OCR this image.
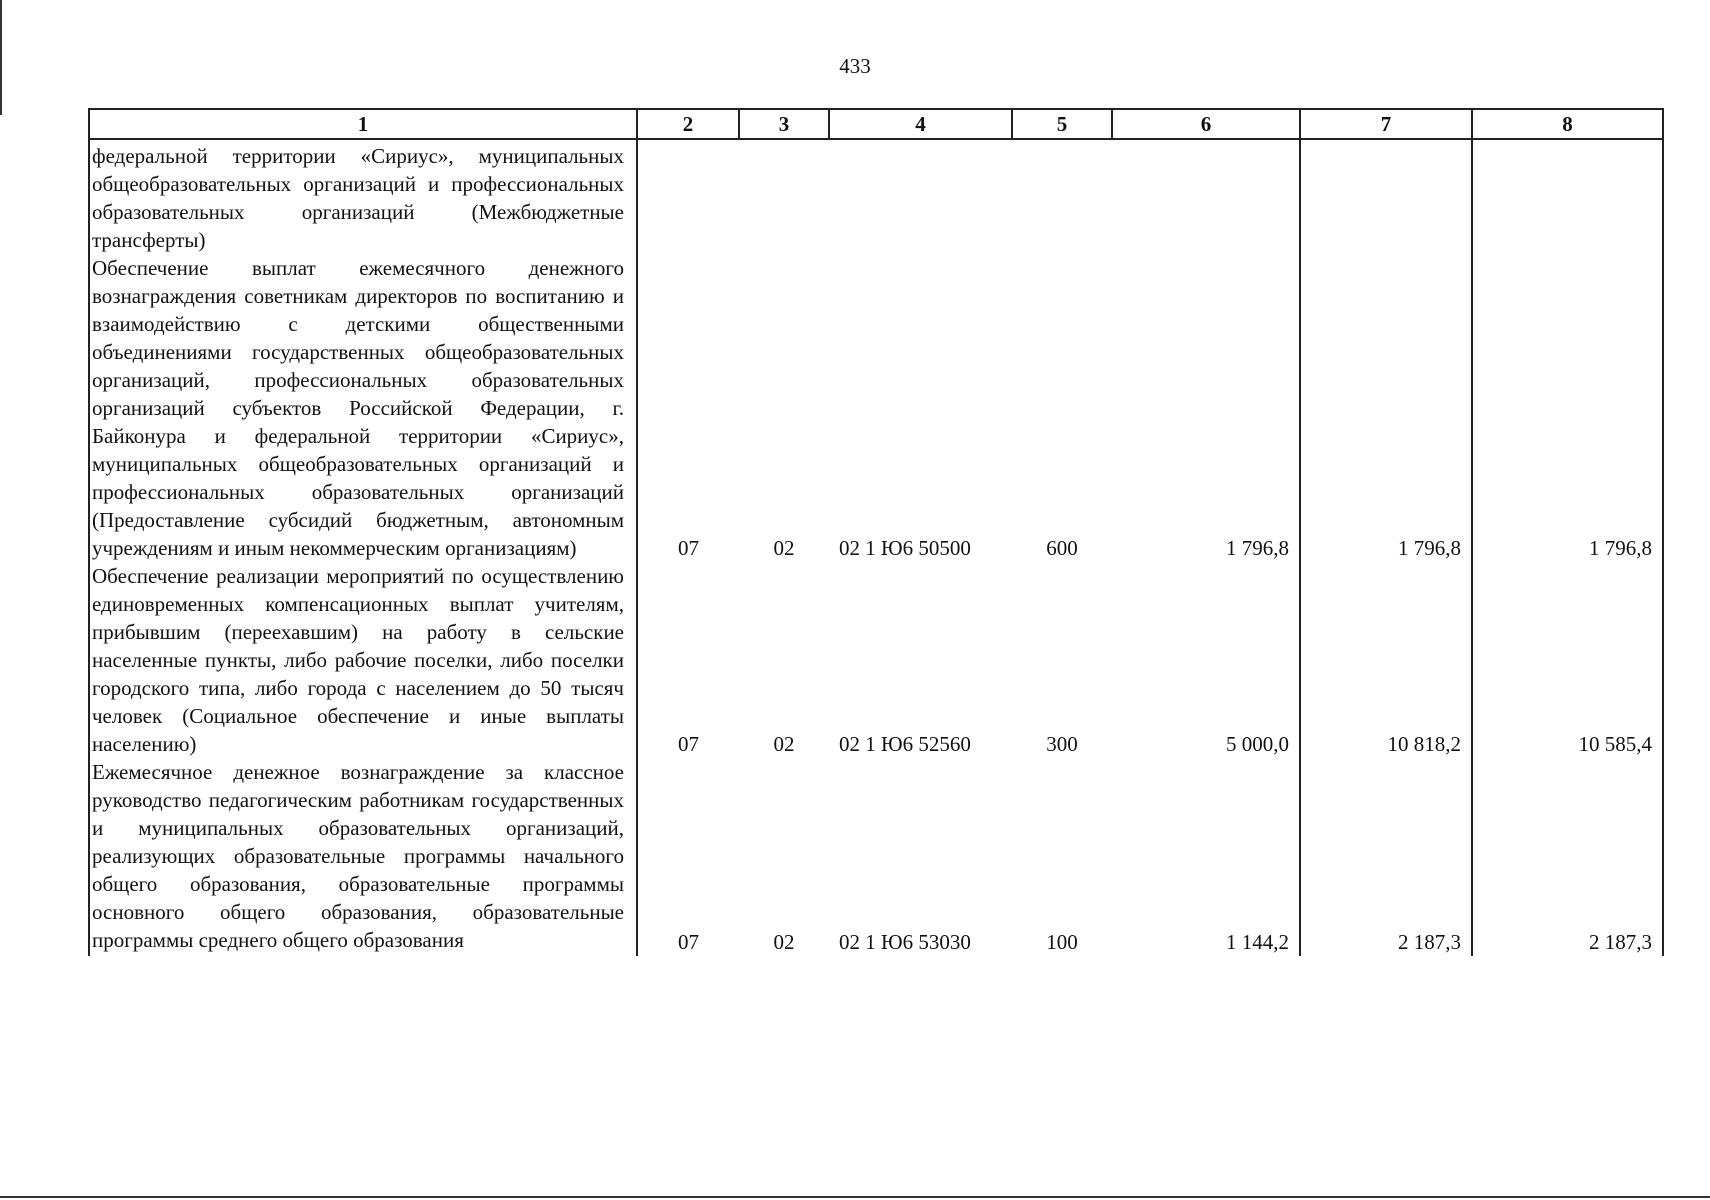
433
1	2	3	4	5	6	7	8
федеральной территории «Сириус», муниципальных общеобразовательных организаций и профессиональных образовательных организаций (Межбюджетные трансферты)							
Обеспечение выплат ежемесячного денежного вознаграждения советникам директоров по воспитанию и взаимодействию с детскими общественными объединениями государственных общеобразовательных организаций, профессиональных образовательных организаций субъектов Российской Федерации, г. Байконура и федеральной территории «Сириус», муниципальных общеобразовательных организаций и профессиональных образовательных организаций (Предоставление субсидий бюджетным, автономным учреждениям и иным некоммерческим организациям)	07	02	02 1 Ю6 50500	600	1 796,8	1 796,8	1 796,8
Обеспечение реализации мероприятий по осуществлению единовременных компенсационных выплат учителям, прибывшим (переехавшим) на работу в сельские населенные пункты, либо рабочие поселки, либо поселки городского типа, либо города с населением до 50 тысяч человек (Социальное обеспечение и иные выплаты населению)	07	02	02 1 Ю6 52560	300	5 000,0	10 818,2	10 585,4
Ежемесячное денежное вознаграждение за классное руководство педагогическим работникам государственных и муниципальных образовательных организаций, реализующих образовательные программы начального общего образования, образовательные программы основного общего образования, образовательные программы среднего общего образования	07	02	02 1 Ю6 53030	100	1 144,2	2 187,3	2 187,3
